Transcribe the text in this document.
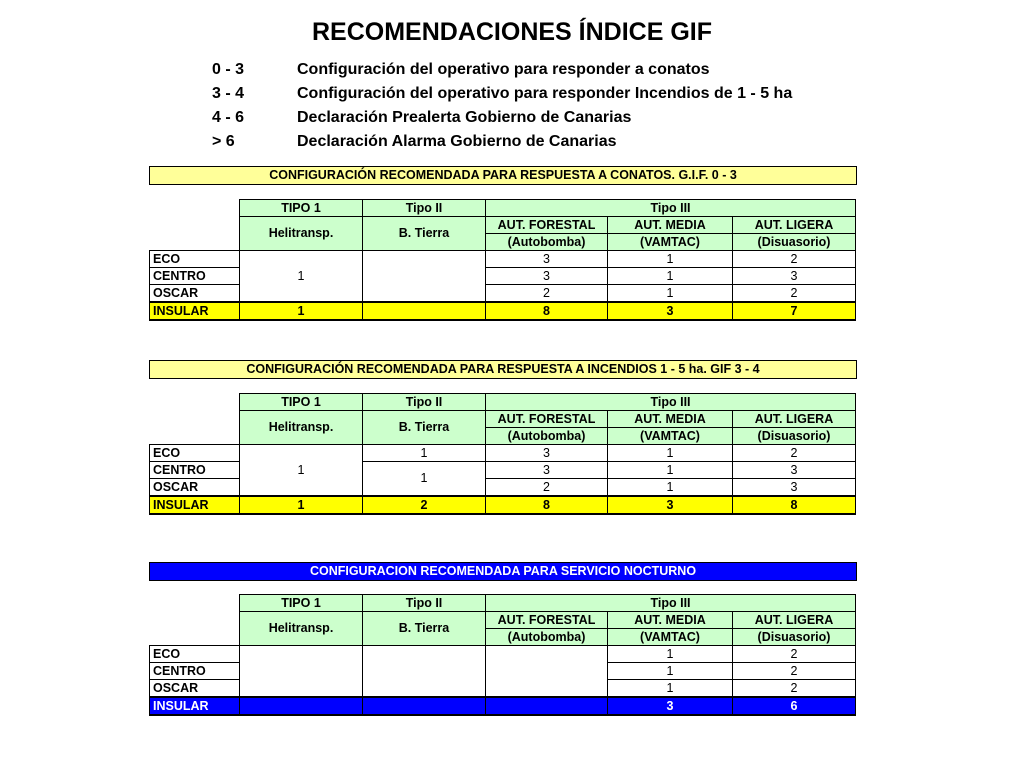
RECOMENDACIONES ÍNDICE GIF
0 - 3	Configuración del operativo para responder a conatos
3 - 4	Configuración del operativo para responder Incendios de 1 - 5 ha
4 - 6	Declaración Prealerta Gobierno de Canarias
> 6	Declaración Alarma Gobierno de Canarias
CONFIGURACIÓN RECOMENDADA PARA RESPUESTA A CONATOS. G.I.F. 0 - 3
	TIPO 1	Tipo II	Tipo III		
	Helitransp.	B. Tierra	AUT. FORESTAL	AUT. MEDIA	AUT. LIGERA
			(Autobomba)	(VAMTAC)	(Disuasorio)
ECO	1		3	1	2
CENTRO			3	1	3
OSCAR			2	1	2
INSULAR	1		8	3	7
CONFIGURACIÓN RECOMENDADA PARA RESPUESTA A INCENDIOS 1 - 5 ha. GIF 3 - 4
	TIPO 1	Tipo II	Tipo III		
	Helitransp.	B. Tierra	AUT. FORESTAL	AUT. MEDIA	AUT. LIGERA
			(Autobomba)	(VAMTAC)	(Disuasorio)
ECO	1	1	3	1	2
CENTRO		1	3	1	3
OSCAR			2	1	3
INSULAR	1	2	8	3	8
CONFIGURACION RECOMENDADA PARA SERVICIO NOCTURNO
	TIPO 1	Tipo II	Tipo III		
	Helitransp.	B. Tierra	AUT. FORESTAL	AUT. MEDIA	AUT. LIGERA
			(Autobomba)	(VAMTAC)	(Disuasorio)
ECO				1	2
CENTRO				1	2
OSCAR				1	2
INSULAR				3	6
